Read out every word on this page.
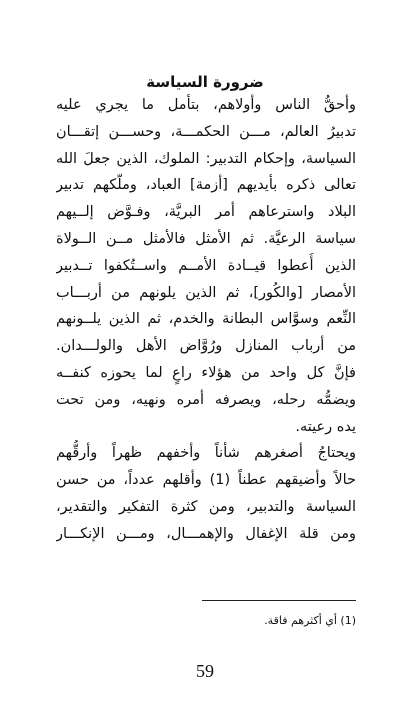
ضرورة السياسة
وأحقُّ الناس وأولاهم، بتأمل ما يجري عليه
تدبيرُ العالم، مـــن الحكمـــة، وحســـن إتقـــان
السياسة، وإحكام التدبير: الملوك، الذين جعلَ الله
تعالى ذكره بأيديهم [أزمة] العباد، وملّكهم تدبير
البلاد واسترعاهم أمر البريَّة، وفـوَّض إلــيهم
سياسة الرعيَّة. ثم الأمثل فالأمثل مــن الــولاة
الذين أُعطوا قيــادة الأمــم واســتُكفوا تــدبير
الأمصار [والكُور]، ثم الذين يلونهم من أربـــاب
النِّعم وسوَّاس البطانة والخدم، ثم الذين يلــونهم
من أرباب المنازل ورُوَّاض الأهل والولـــدان.
فإنَّ كل واحد من هؤلاء راعٍ لما يحوزه كنفــه
ويضمُّه رحله، ويصرفه أمره ونهيه، ومن تحت
يده رعيته.
ويحتاجُ أصغرهم شأناً وأخفهم ظهراً وأرقُّهم
حالاً وأضيقهم عطناً (1) وأقلهم عدداً، من حسن
السياسة والتدبير، ومن كثرة التفكير والتقدير،
ومن قلة الإغفال والإهمـــال، ومـــن الإنكـــار
(1) أي أكثرهم فاقة.
59
